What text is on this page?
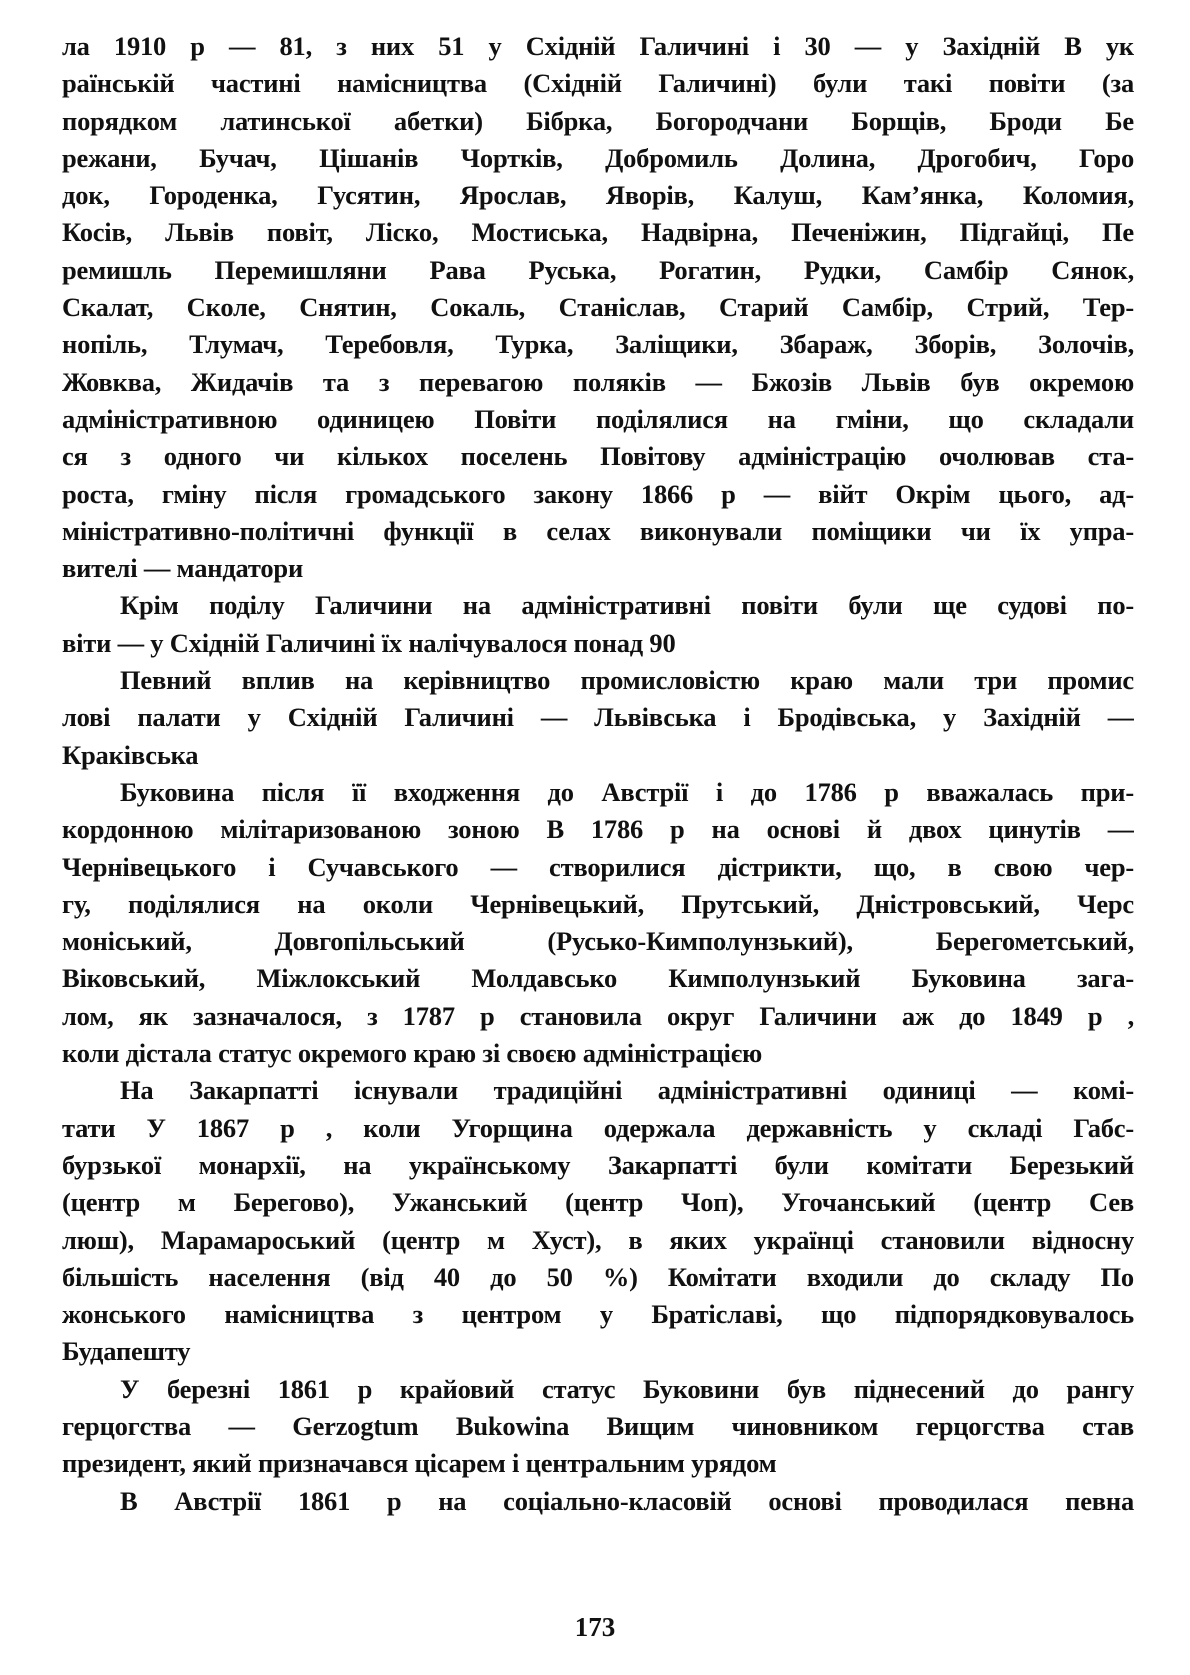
ла 1910 р — 81, з них 51 у Східній Галичині і 30 — у Західній В ук
раїнській частині намісництва (Східній Галичині) були такі повіти (за
порядком латинської абетки) Бібрка, Богородчани Борщів, Броди Бе
режани, Бучач, Цішанів Чортків, Добромиль Долина, Дрогобич, Горо
док, Городенка, Гусятин, Ярослав, Яворів, Калуш, Кам’янка, Коломия,
Косів, Львів повіт, Ліско, Мостиська, Надвірна, Печеніжин, Підгайці, Пе
ремишль Перемишляни Рава Руська, Рогатин, Рудки, Самбір Сянок,
Скалат, Сколе, Снятин, Сокаль, Станіслав, Старий Самбір, Стрий, Тер-
нопіль, Тлумач, Теребовля, Турка, Заліщики, Збараж, Зборів, Золочів,
Жовква, Жидачів та з перевагою поляків — Бжозів Львів був окремою
адміністративною одиницею Повіти поділялися на гміни, що складали
ся з одного чи кількох поселень Повітову адміністрацію очолював ста-
роста, гміну після громадського закону 1866 р — війт Окрім цього, ад-
міністративно-політичні функції в селах виконували поміщики чи їх упра-
вителі — мандатори
Крім поділу Галичини на адміністративні повіти були ще судові по-
віти — у Східній Галичині їх налічувалося понад 90
Певний вплив на керівництво промисловістю краю мали три промис
лові палати у Східній Галичині — Львівська і Бродівська, у Західній —
Краківська
Буковина після її входження до Австрії і до 1786 р вважалась при-
кордонною мілітаризованою зоною В 1786 р на основі й двох цинутів —
Чернівецького і Сучавського — створилися дістрикти, що, в свою чер-
гу, поділялися на околи Чернівецький, Прутський, Дністровський, Черс
моніський, Довгопільський (Русько-Кимполунзький), Берегометський,
Віковський, Міжлокський Молдавсько Кимполунзький Буковина зага-
лом, як зазначалося, з 1787 р становила округ Галичини аж до 1849 р ,
коли дістала статус окремого краю зі своєю адміністрацією
На Закарпатті існували традиційні адміністративні одиниці — комі-
тати У 1867 р , коли Угорщина одержала державність у складі Габс-
бурзької монархії, на українському Закарпатті були комітати Березький
(центр м Берегово), Ужанський (центр Чоп), Угочанський (центр Сев
люш), Марамароський (центр м Хуст), в яких українці становили відносну
більшість населення (від 40 до 50 %) Комітати входили до складу По
жонського намісництва з центром у Братіславі, що підпорядковувалось
Будапешту
У березні 1861 р крайовий статус Буковини був піднесений до рангу
герцогства — Gerzogtum Bukowina Вищим чиновником герцогства став
президент, який призначався цісарем і центральним урядом
В Австрії 1861 р на соціально-класовій основі проводилася певна
173
